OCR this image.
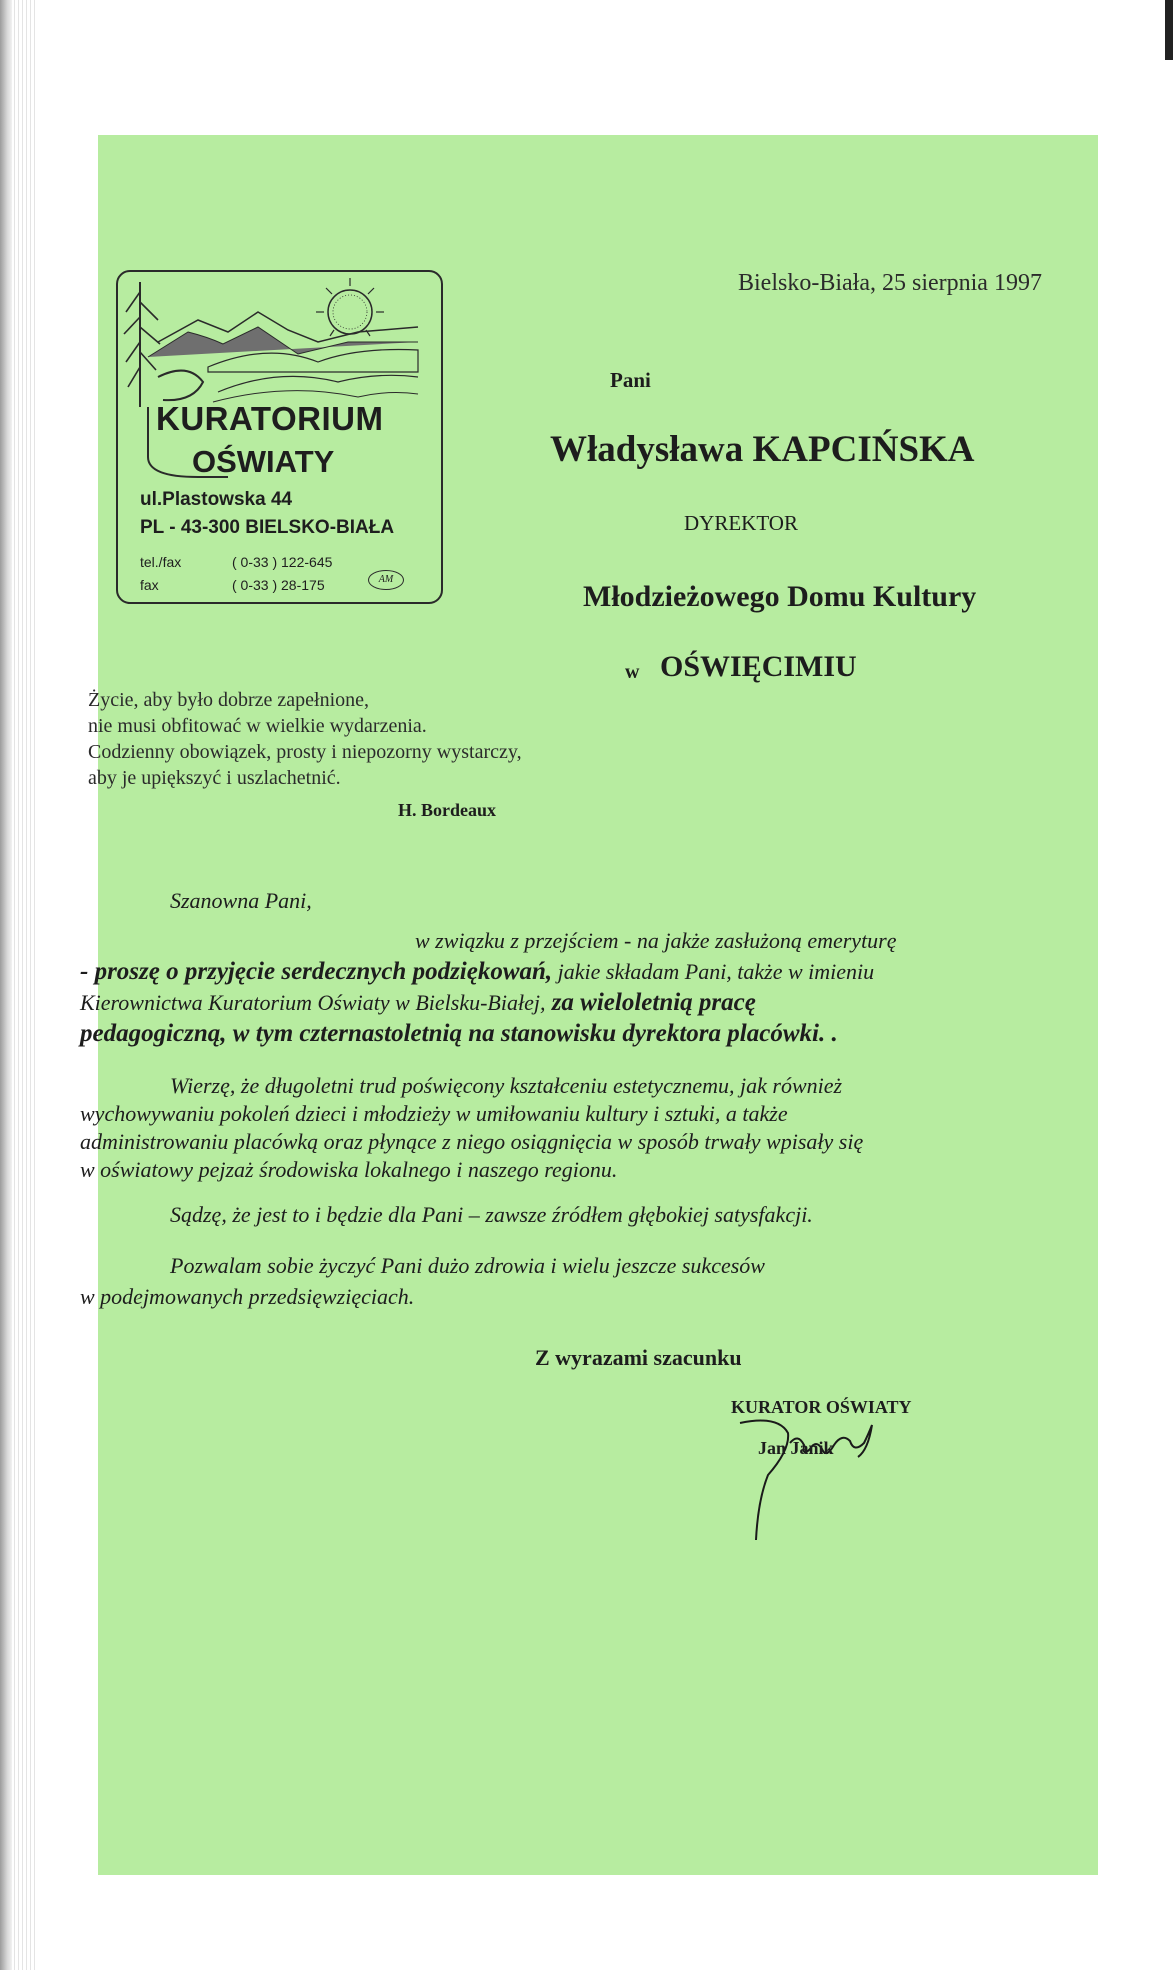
KURATORIUM
OŚWIATY
ul.Plastowska 44
PL - 43-300 BIELSKO-BIAŁA
tel./fax	( 0-33 ) 122-645
fax	( 0-33 ) 28-175	AM
Bielsko-Biała, 25 sierpnia 1997
Pani
Władysława KAPCIŃSKA
DYREKTOR
Młodzieżowego Domu Kultury
w OŚWIĘCIMIU
Życie, aby było dobrze zapełnione,
nie musi obfitować w wielkie wydarzenia.
Codzienny obowiązek, prosty i niepozorny wystarczy,
aby je upiększyć i uszlachetnić.
H. Bordeaux
Szanowna Pani,
w związku z przejściem - na jakże zasłużoną emeryturę
- proszę o przyjęcie serdecznych podziękowań, jakie składam Pani, także w imieniu
Kierownictwa Kuratorium Oświaty w Bielsku-Białej, za wieloletnią pracę
pedagogiczną, w tym czternastoletnią na stanowisku dyrektora placówki. .
Wierzę, że długoletni trud poświęcony kształceniu estetycznemu, jak również
wychowywaniu pokoleń dzieci i młodzieży w umiłowaniu kultury i sztuki, a także
administrowaniu placówką oraz płynące z niego osiągnięcia w sposób trwały wpisały się
w oświatowy pejzaż środowiska lokalnego i naszego regionu.
Sądzę, że jest to i będzie dla Pani – zawsze źródłem głębokiej satysfakcji.
Pozwalam sobie życzyć Pani dużo zdrowia i wielu jeszcze sukcesów
w podejmowanych przedsięwzięciach.
Z wyrazami szacunku
KURATOR OŚWIATY
Jan Janik
